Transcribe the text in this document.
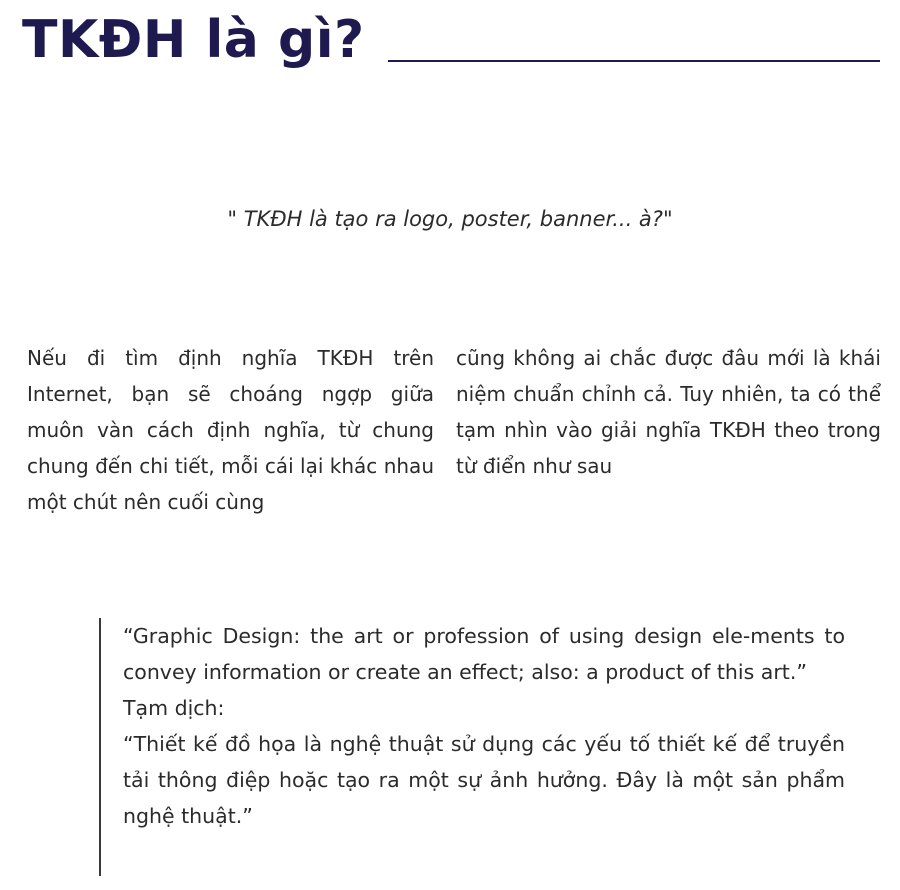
TKĐH là gì?
" TKĐH là tạo ra logo, poster, banner... à?"

Nếu đi tìm định nghĩa TKĐH trên Internet, bạn sẽ choáng ngợp giữa muôn vàn cách định nghĩa, từ chung chung đến chi tiết, mỗi cái lại khác nhau một chút nên cuối cùng

cũng không ai chắc được đâu mới là khái niệm chuẩn chỉnh cả. Tuy nhiên, ta có thể tạm nhìn vào giải nghĩa TKĐH theo trong từ điển như sau

“Graphic Design: the art or profession of using design ele-ments to convey information or create an effect; also: a product of this art.”

Tạm dịch:

“Thiết kế đồ họa là nghệ thuật sử dụng các yếu tố thiết kế để truyền tải thông điệp hoặc tạo ra một sự ảnh hưởng. Đây là một sản phẩm nghệ thuật.”
